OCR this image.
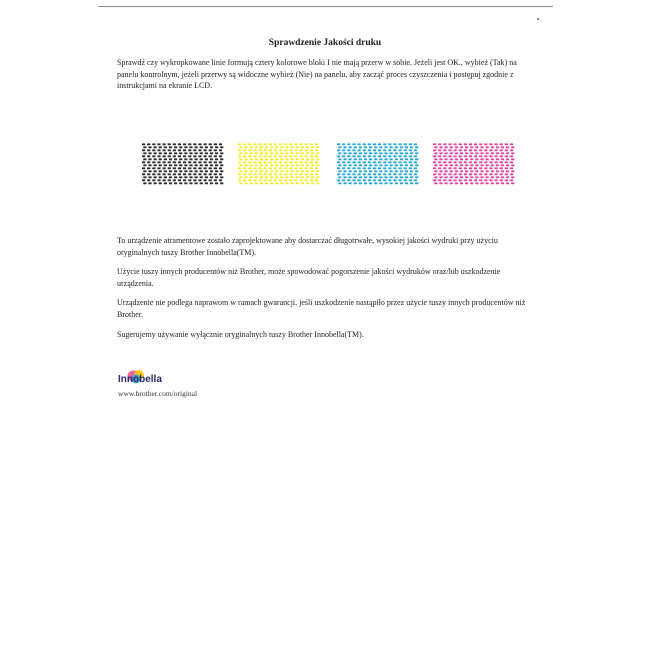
Sprawdzenie Jakości druku
Sprawdź czy wykropkowane linie formują cztery kolorowe bloki I nie mają przerw w sobie. Jeżeli jest OK., wybież (Tak) na panelu kontrolnym, jeżeli przerwy są widoczne wybież (Nie) na panelu, aby zacząć proces czyszczenia i postępuj zgodnie z instrukcjami na ekranie LCD.
To urządzenie atramentowe zostało zaprojektowane aby dostarczać długotrwałe, wysokiej jakości wydruki przy użyciu oryginalnych tuszy Brother Innobella(TM).
Użycie tuszy innych producentów niż Brother, może spowodować pogorszenie jakości wydruków oraz/lub uszkodzenie urządzenia.
Urządzenie nie podlega naprawom w ramach gwarancji, jeśli uszkodzenie nastąpiło przez użycie tuszy innych producentów niż Brother.
Sugerujemy używanie wyłącznie oryginalnych tuszy Brother Innobella(TM).
Innobella
www.brother.com/original
